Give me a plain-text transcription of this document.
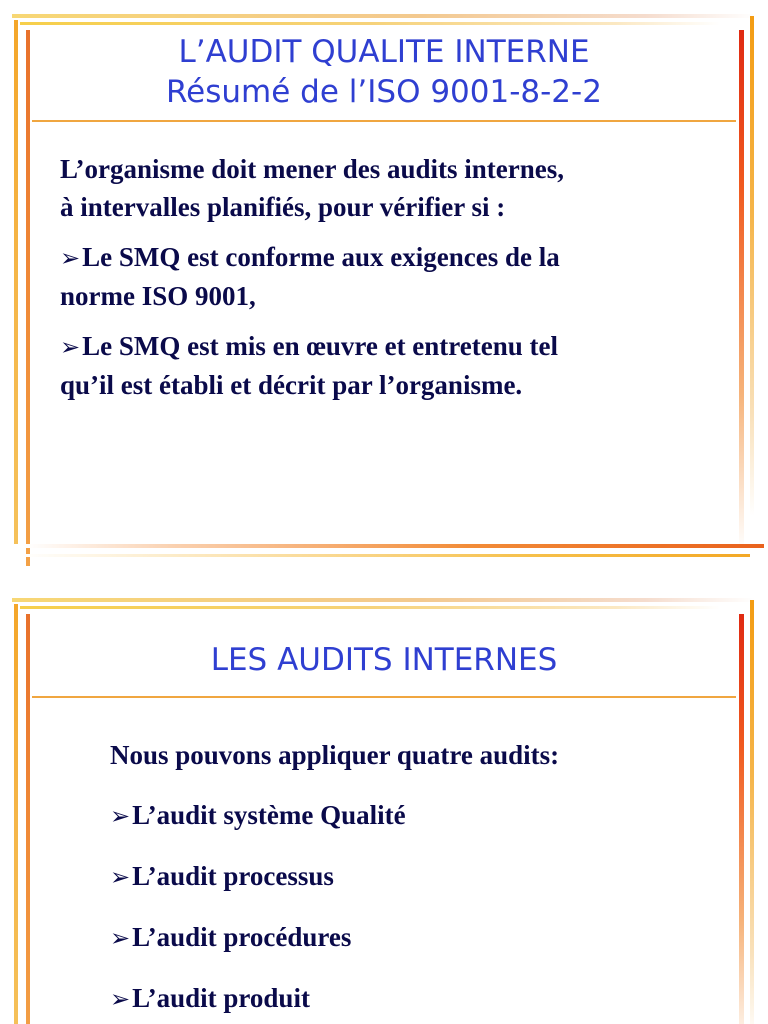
L’AUDIT QUALITE INTERNE
Résumé de l’ISO 9001-8-2-2
L’organisme doit mener des audits internes,
à intervalles planifiés, pour vérifier si :
➢Le SMQ est conforme aux exigences de la
norme ISO 9001,
➢Le SMQ est mis en œuvre et entretenu tel
qu’il est établi et décrit par l’organisme.
LES AUDITS INTERNES
Nous pouvons appliquer quatre audits:
➢L’audit système Qualité
➢L’audit processus
➢L’audit procédures
➢L’audit produit
